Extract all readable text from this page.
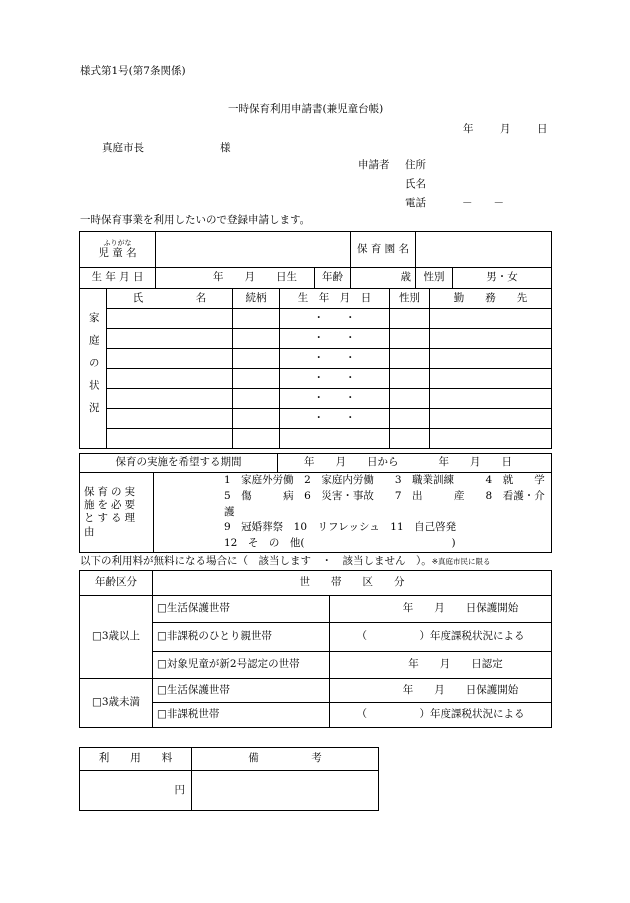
様式第1号(第7条関係)
一時保育利用申請書(兼児童台帳)
年	月	日
真庭市長	様
申請者 住所
氏名
電話	－　　－
一時保育事業を利用したいので登録申請します。
ふりがな
児 童 名			保 育 園 名		
生 年 月 日	年　　月　　日生	年齢	歳	性別	男・女
家庭の状況	氏　　　　　名	続柄	生　年　月　日	性別	勤　　務　　先
			・　　・		
			・　　・		
			・　　・		
			・　　・		
			・　　・		
			・　　・		

保育の実施を希望する期間		年　　月　　日から 年　　月　　日

保育の実施を必要とする理由	1　家庭外労働　2　家庭内労働　　3　職業訓練　　　4　就　　学
5　傷　　　病　6　災害・事故　　7　出　　　産　　8　看護・介護
9　冠婚葬祭　10　リフレッシュ　11　自己啓発
12　そ　の　他(　　　　　　　　　　　　　　)	
以下の利用料が無料になる場合に（　該当します　・　該当しません　）。※真庭市民に限る
年齢区分	世　　帯　　区　　分	
□3歳以上	□生活保護世帯	年　　月　　日保護開始
	□非課税のひとり親世帯	（　　　　　）年度課税状況による
	□対象児童が新2号認定の世帯	年　　月　　日認定
□3歳未満	□生活保護世帯	年　　月　　日保護開始
	□非課税世帯	（　　　　　）年度課税状況による
利　　用　　料	備　　　　　考
円	
